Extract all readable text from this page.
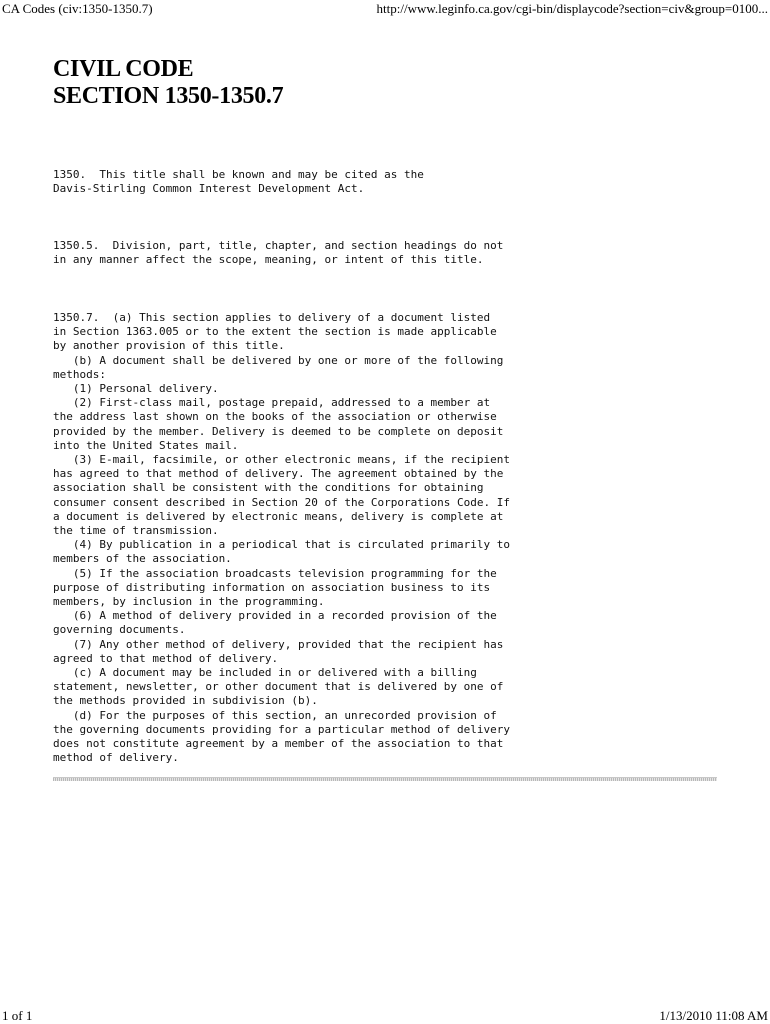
CA Codes (civ:1350-1350.7)	http://www.leginfo.ca.gov/cgi-bin/displaycode?section=civ&group=0100...
CIVIL CODE
SECTION 1350-1350.7
1350.  This title shall be known and may be cited as the
Davis-Stirling Common Interest Development Act.
1350.5.  Division, part, title, chapter, and section headings do not
in any manner affect the scope, meaning, or intent of this title.
1350.7.  (a) This section applies to delivery of a document listed
in Section 1363.005 or to the extent the section is made applicable
by another provision of this title.
(b) A document shall be delivered by one or more of the following
methods:
(1) Personal delivery.
(2) First-class mail, postage prepaid, addressed to a member at
the address last shown on the books of the association or otherwise
provided by the member. Delivery is deemed to be complete on deposit
into the United States mail.
(3) E-mail, facsimile, or other electronic means, if the recipient
has agreed to that method of delivery. The agreement obtained by the
association shall be consistent with the conditions for obtaining
consumer consent described in Section 20 of the Corporations Code. If
a document is delivered by electronic means, delivery is complete at
the time of transmission.
(4) By publication in a periodical that is circulated primarily to
members of the association.
(5) If the association broadcasts television programming for the
purpose of distributing information on association business to its
members, by inclusion in the programming.
(6) A method of delivery provided in a recorded provision of the
governing documents.
(7) Any other method of delivery, provided that the recipient has
agreed to that method of delivery.
(c) A document may be included in or delivered with a billing
statement, newsletter, or other document that is delivered by one of
the methods provided in subdivision (b).
(d) For the purposes of this section, an unrecorded provision of
the governing documents providing for a particular method of delivery
does not constitute agreement by a member of the association to that
method of delivery.
1 of 1	1/13/2010 11:08 AM
